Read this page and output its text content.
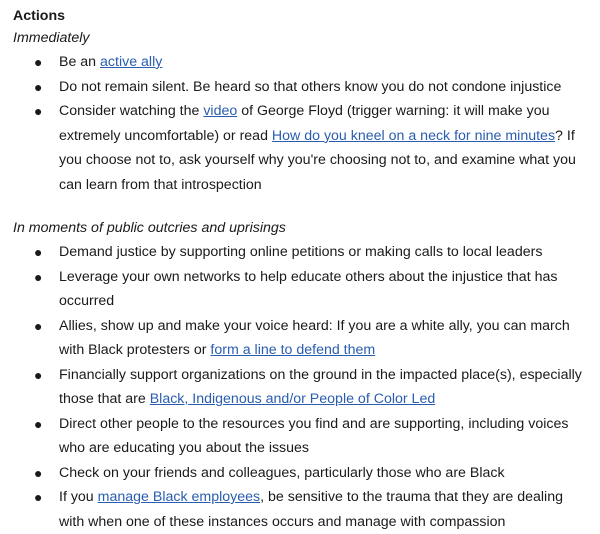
Actions
Immediately
● Be an active ally
● Do not remain silent. Be heard so that others know you do not condone injustice
● Consider watching the video of George Floyd (trigger warning: it will make you extremely uncomfortable) or read How do you kneel on a neck for nine minutes? If you choose not to, ask yourself why you're choosing not to, and examine what you can learn from that introspection
In moments of public outcries and uprisings
● Demand justice by supporting online petitions or making calls to local leaders
● Leverage your own networks to help educate others about the injustice that has occurred
● Allies, show up and make your voice heard: If you are a white ally, you can march with Black protesters or form a line to defend them
● Financially support organizations on the ground in the impacted place(s), especially those that are Black, Indigenous and/or People of Color Led
● Direct other people to the resources you find and are supporting, including voices who are educating you about the issues
● Check on your friends and colleagues, particularly those who are Black
● If you manage Black employees, be sensitive to the trauma that they are dealing with when one of these instances occurs and manage with compassion
